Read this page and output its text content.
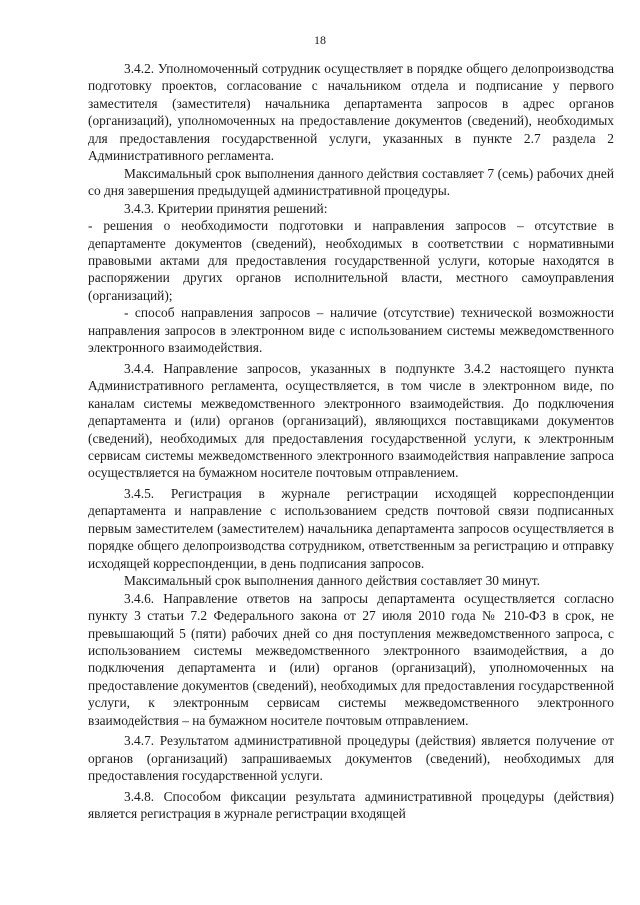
18

3.4.2. Уполномоченный сотрудник осуществляет в порядке общего делопроизводства подготовку проектов, согласование с начальником отдела и подписание у первого заместителя (заместителя) начальника департамента запросов в адрес органов (организаций), уполномоченных на предоставление документов (сведений), необходимых для предоставления государственной услуги, указанных в пункте 2.7 раздела 2 Административного регламента.

Максимальный срок выполнения данного действия составляет 7 (семь) рабочих дней со дня завершения предыдущей административной процедуры.

3.4.3. Критерии принятия решений:

- решения о необходимости подготовки и направления запросов – отсутствие в департаменте документов (сведений), необходимых в соответствии с нормативными правовыми актами для предоставления государственной услуги, которые находятся в распоряжении других органов исполнительной власти, местного самоуправления (организаций);

- способ направления запросов – наличие (отсутствие) технической возможности направления запросов в электронном виде с использованием системы межведомственного электронного взаимодействия.

3.4.4. Направление запросов, указанных в подпункте 3.4.2 настоящего пункта Административного регламента, осуществляется, в том числе в электронном виде, по каналам системы межведомственного электронного взаимодействия. До подключения департамента и (или) органов (организаций), являющихся поставщиками документов (сведений), необходимых для предоставления государственной услуги, к электронным сервисам системы межведомственного электронного взаимодействия направление запроса осуществляется на бумажном носителе почтовым отправлением.

3.4.5. Регистрация в журнале регистрации исходящей корреспонденции департамента и направление с использованием средств почтовой связи подписанных первым заместителем (заместителем) начальника департамента запросов осуществляется в порядке общего делопроизводства сотрудником, ответственным за регистрацию и отправку исходящей корреспонденции, в день подписания запросов.

Максимальный срок выполнения данного действия составляет 30 минут.

3.4.6. Направление ответов на запросы департамента осуществляется согласно пункту 3 статьи 7.2 Федерального закона от 27 июля 2010 года № 210-ФЗ в срок, не превышающий 5 (пяти) рабочих дней со дня поступления межведомственного запроса, с использованием системы межведомственного электронного взаимодействия, а до подключения департамента и (или) органов (организаций), уполномоченных на предоставление документов (сведений), необходимых для предоставления государственной услуги, к электронным сервисам системы межведомственного электронного взаимодействия – на бумажном носителе почтовым отправлением.

3.4.7. Результатом административной процедуры (действия) является получение от органов (организаций) запрашиваемых документов (сведений), необходимых для предоставления государственной услуги.

3.4.8. Способом фиксации результата административной процедуры (действия) является регистрация в журнале регистрации входящей
